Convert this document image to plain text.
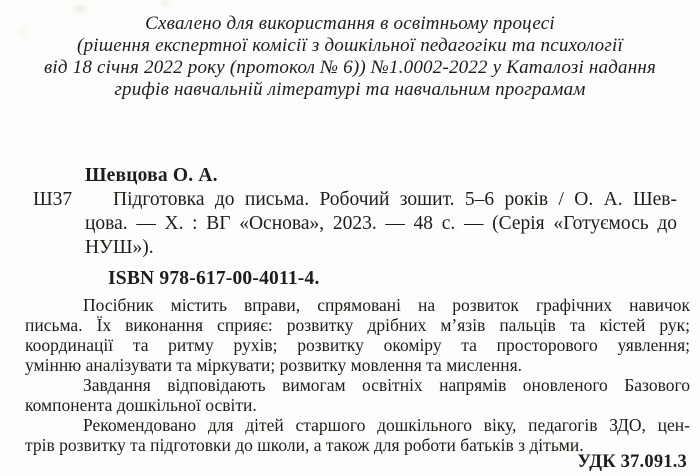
Схвалено для використання в освітньому процесі
(рішення експертної комісії з дошкільної педагогіки та психології
від 18 січня 2022 року (протокол № 6)) №1.0002-2022 у Каталозі надання
грифів навчальній літературі та навчальним програмам
Шевцова О. А.
Ш37	Підготовка до письма. Робочий зошит. 5–6 років / О. А. Шев-
цова. — Х. : ВГ «Основа», 2023. — 48 с. — (Серія «Готуємось до
НУШ»).
ISBN 978-617-00-4011-4.
Посібник містить вправи, спрямовані на розвиток графічних навичок
письма. Їх виконання сприяє: розвитку дрібних м’язів пальців та кістей рук;
координації та ритму рухів; розвитку окоміру та просторового уявлення;
умінню аналізувати та міркувати; розвитку мовлення та мислення.
Завдання відповідають вимогам освітніх напрямів оновленого Базового
компонента дошкільної освіти.
Рекомендовано для дітей старшого дошкільного віку, педагогів ЗДО, цен-
трів розвитку та підготовки до школи, а також для роботи батьків з дітьми.
УДК 37.091.3
